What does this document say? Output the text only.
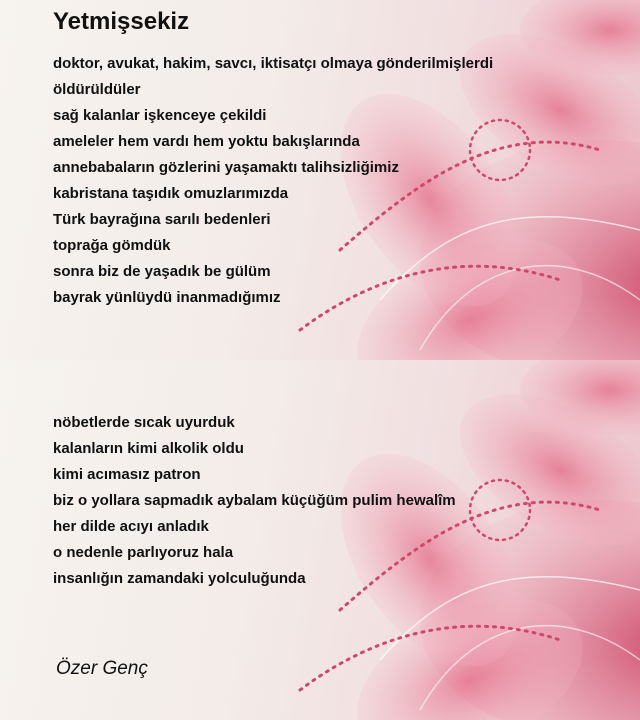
Yetmişsekiz
doktor, avukat, hakim, savcı, iktisatçı olmaya gönderilmişlerdi
öldürüldüler
sağ kalanlar işkenceye çekildi
ameleler hem vardı hem yoktu bakışlarında
annebabaların gözlerini yaşamaktı talihsizliğimiz
kabristana taşıdık omuzlarımızda
Türk bayrağına sarılı bedenleri
toprağa gömdük
sonra biz de yaşadık be gülüm
bayrak yünlüydü inanmadığımız
nöbetlerde sıcak uyurduk
kalanların kimi alkolik oldu
kimi acımasız patron
biz o yollara sapmadık aybalam küçüğüm pulim hewalîm
her dilde acıyı anladık
o nedenle parlıyoruz hala
insanlığın zamandaki yolculuğunda
Özer Genç
